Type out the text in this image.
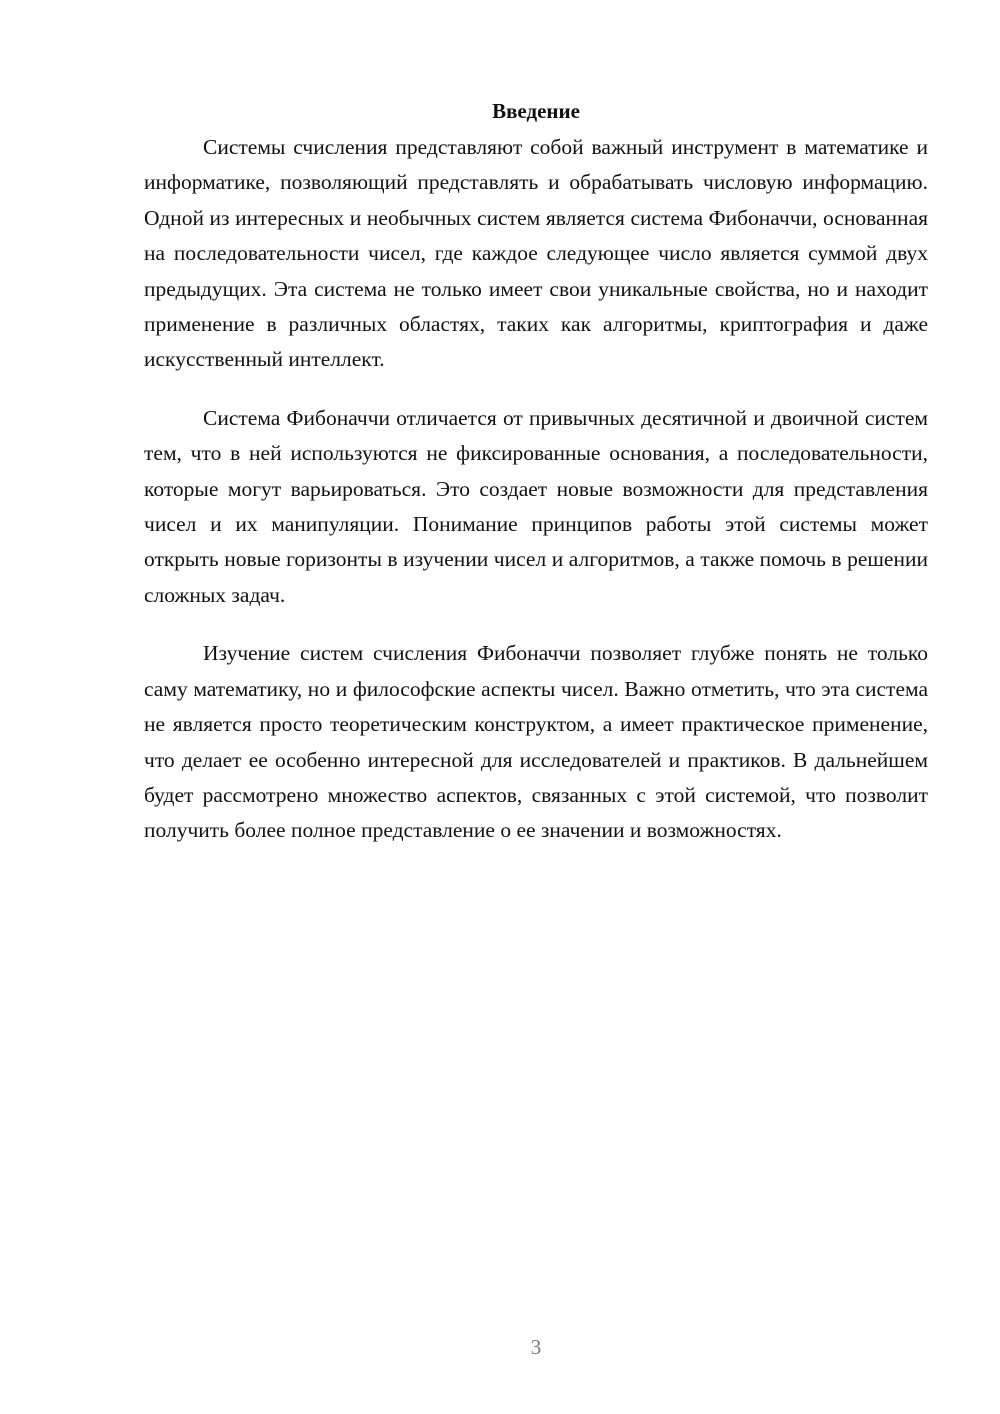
Введение

Системы счисления представляют собой важный инструмент в математике и информатике, позволяющий представлять и обрабатывать числовую информацию. Одной из интересных и необычных систем является система Фибоначчи, основанная на последовательности чисел, где каждое следующее число является суммой двух предыдущих. Эта система не только имеет свои уникальные свойства, но и находит применение в различных областях, таких как алгоритмы, криптография и даже искусственный интеллект.

Система Фибоначчи отличается от привычных десятичной и двоичной систем тем, что в ней используются не фиксированные основания, а последовательности, которые могут варьироваться. Это создает новые возможности для представления чисел и их манипуляции. Понимание принципов работы этой системы может открыть новые горизонты в изучении чисел и алгоритмов, а также помочь в решении сложных задач.

Изучение систем счисления Фибоначчи позволяет глубже понять не только саму математику, но и философские аспекты чисел. Важно отметить, что эта система не является просто теоретическим конструктом, а имеет практическое применение, что делает ее особенно интересной для исследователей и практиков. В дальнейшем будет рассмотрено множество аспектов, связанных с этой системой, что позволит получить более полное представление о ее значении и возможностях.

3
